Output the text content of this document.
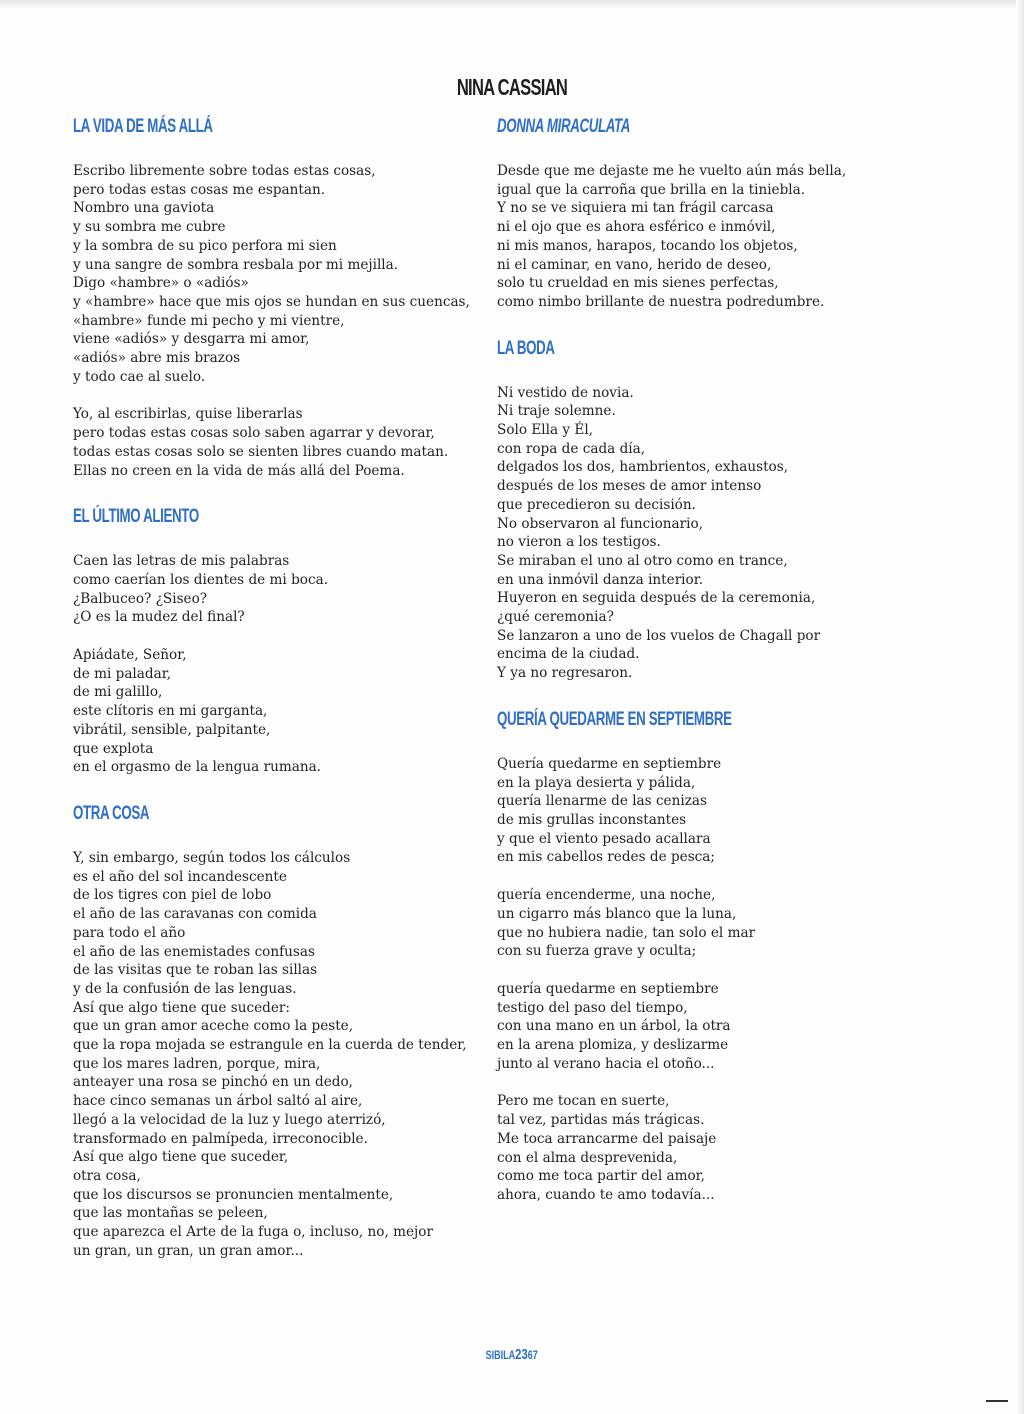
NINA CASSIAN
LA VIDA DE MÁS ALLÁ
Escribo libremente sobre todas estas cosas,
pero todas estas cosas me espantan.
Nombro una gaviota
y su sombra me cubre
y la sombra de su pico perfora mi sien
y una sangre de sombra resbala por mi mejilla.
Digo «hambre» o «adiós»
y «hambre» hace que mis ojos se hundan en sus cuencas,
«hambre» funde mi pecho y mi vientre,
viene «adiós» y desgarra mi amor,
«adiós» abre mis brazos
y todo cae al suelo.
Yo, al escribirlas, quise liberarlas
pero todas estas cosas solo saben agarrar y devorar,
todas estas cosas solo se sienten libres cuando matan.
Ellas no creen en la vida de más allá del Poema.
EL ÚLTIMO ALIENTO
Caen las letras de mis palabras
como caerían los dientes de mi boca.
¿Balbuceo? ¿Siseo?
¿O es la mudez del final?
Apiádate, Señor,
de mi paladar,
de mi galillo,
este clítoris en mi garganta,
vibrátil, sensible, palpitante,
que explota
en el orgasmo de la lengua rumana.
OTRA COSA
Y, sin embargo, según todos los cálculos
es el año del sol incandescente
de los tigres con piel de lobo
el año de las caravanas con comida
para todo el año
el año de las enemistades confusas
de las visitas que te roban las sillas
y de la confusión de las lenguas.
Así que algo tiene que suceder:
que un gran amor aceche como la peste,
que la ropa mojada se estrangule en la cuerda de tender,
que los mares ladren, porque, mira,
anteayer una rosa se pinchó en un dedo,
hace cinco semanas un árbol saltó al aire,
llegó a la velocidad de la luz y luego aterrizó,
transformado en palmípeda, irreconocible.
Así que algo tiene que suceder,
otra cosa,
que los discursos se pronuncien mentalmente,
que las montañas se peleen,
que aparezca el Arte de la fuga o, incluso, no, mejor
un gran, un gran, un gran amor...
DONNA MIRACULATA
Desde que me dejaste me he vuelto aún más bella,
igual que la carroña que brilla en la tiniebla.
Y no se ve siquiera mi tan frágil carcasa
ni el ojo que es ahora esférico e inmóvil,
ni mis manos, harapos, tocando los objetos,
ni el caminar, en vano, herido de deseo,
solo tu crueldad en mis sienes perfectas,
como nimbo brillante de nuestra podredumbre.
LA BODA
Ni vestido de novia.
Ni traje solemne.
Solo Ella y Él,
con ropa de cada día,
delgados los dos, hambrientos, exhaustos,
después de los meses de amor intenso
que precedieron su decisión.
No observaron al funcionario,
no vieron a los testigos.
Se miraban el uno al otro como en trance,
en una inmóvil danza interior.
Huyeron en seguida después de la ceremonia,
¿qué ceremonia?
Se lanzaron a uno de los vuelos de Chagall por
encima de la ciudad.
Y ya no regresaron.
QUERÍA QUEDARME EN SEPTIEMBRE
Quería quedarme en septiembre
en la playa desierta y pálida,
quería llenarme de las cenizas
de mis grullas inconstantes
y que el viento pesado acallara
en mis cabellos redes de pesca;
quería encenderme, una noche,
un cigarro más blanco que la luna,
que no hubiera nadie, tan solo el mar
con su fuerza grave y oculta;
quería quedarme en septiembre
testigo del paso del tiempo,
con una mano en un árbol, la otra
en la arena plomiza, y deslizarme
junto al verano hacia el otoño...
Pero me tocan en suerte,
tal vez, partidas más trágicas.
Me toca arrancarme del paisaje
con el alma desprevenida,
como me toca partir del amor,
ahora, cuando te amo todavía...
SIBILA2367
